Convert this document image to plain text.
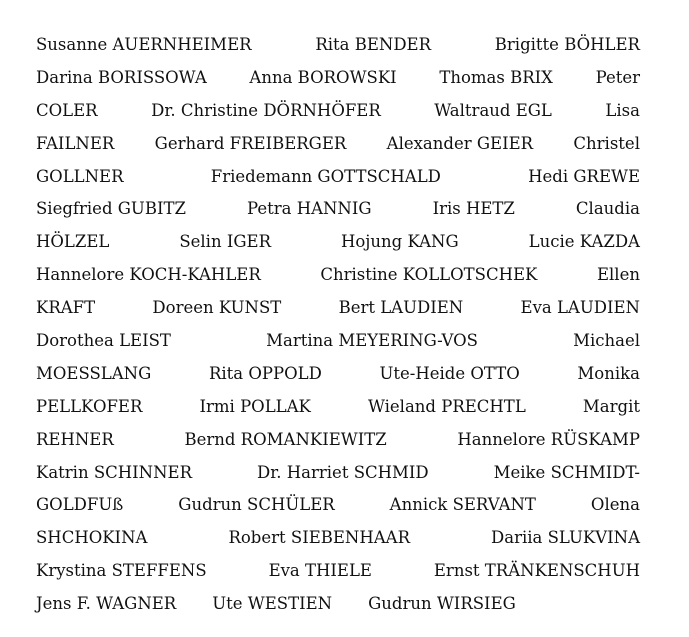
Susanne AUERNHEIMER	Rita BENDER	Brigitte BÖHLER
Darina BORISSOWA	Anna BOROWSKI	Thomas BRIX	Peter
COLER	Dr. Christine DÖRNHÖFER	Waltraud EGL	Lisa
FAILNER Gerhard FREIBERGER Alexander GEIER Christel
GOLLNER	Friedemann GOTTSCHALD	Hedi GREWE
Siegfried GUBITZ	Petra HANNIG	Iris HETZ	Claudia
HÖLZEL	Selin IGER	Hojung KANG	Lucie KAZDA
Hannelore KOCH-KAHLER	Christine KOLLOTSCHEK	Ellen
KRAFT	Doreen KUNST	Bert LAUDIEN	Eva LAUDIEN
Dorothea LEIST	Martina MEYERING-VOS	Michael
MOESSLANG	Rita OPPOLD	Ute-Heide OTTO	Monika
PELLKOFER	Irmi POLLAK	Wieland PRECHTL	Margit
REHNER	Bernd ROMANKIEWITZ	Hannelore RÜSKAMP
Katrin SCHINNER	Dr. Harriet SCHMID	Meike SCHMIDT-
GOLDFUß	Gudrun SCHÜLER	Annick SERVANT	Olena
SHCHOKINA	Robert SIEBENHAAR	Dariia SLUKVINA
Krystina STEFFENS	Eva THIELE	Ernst TRÄNKENSCHUH
Jens F. WAGNER Ute WESTIEN Gudrun WIRSIEG
